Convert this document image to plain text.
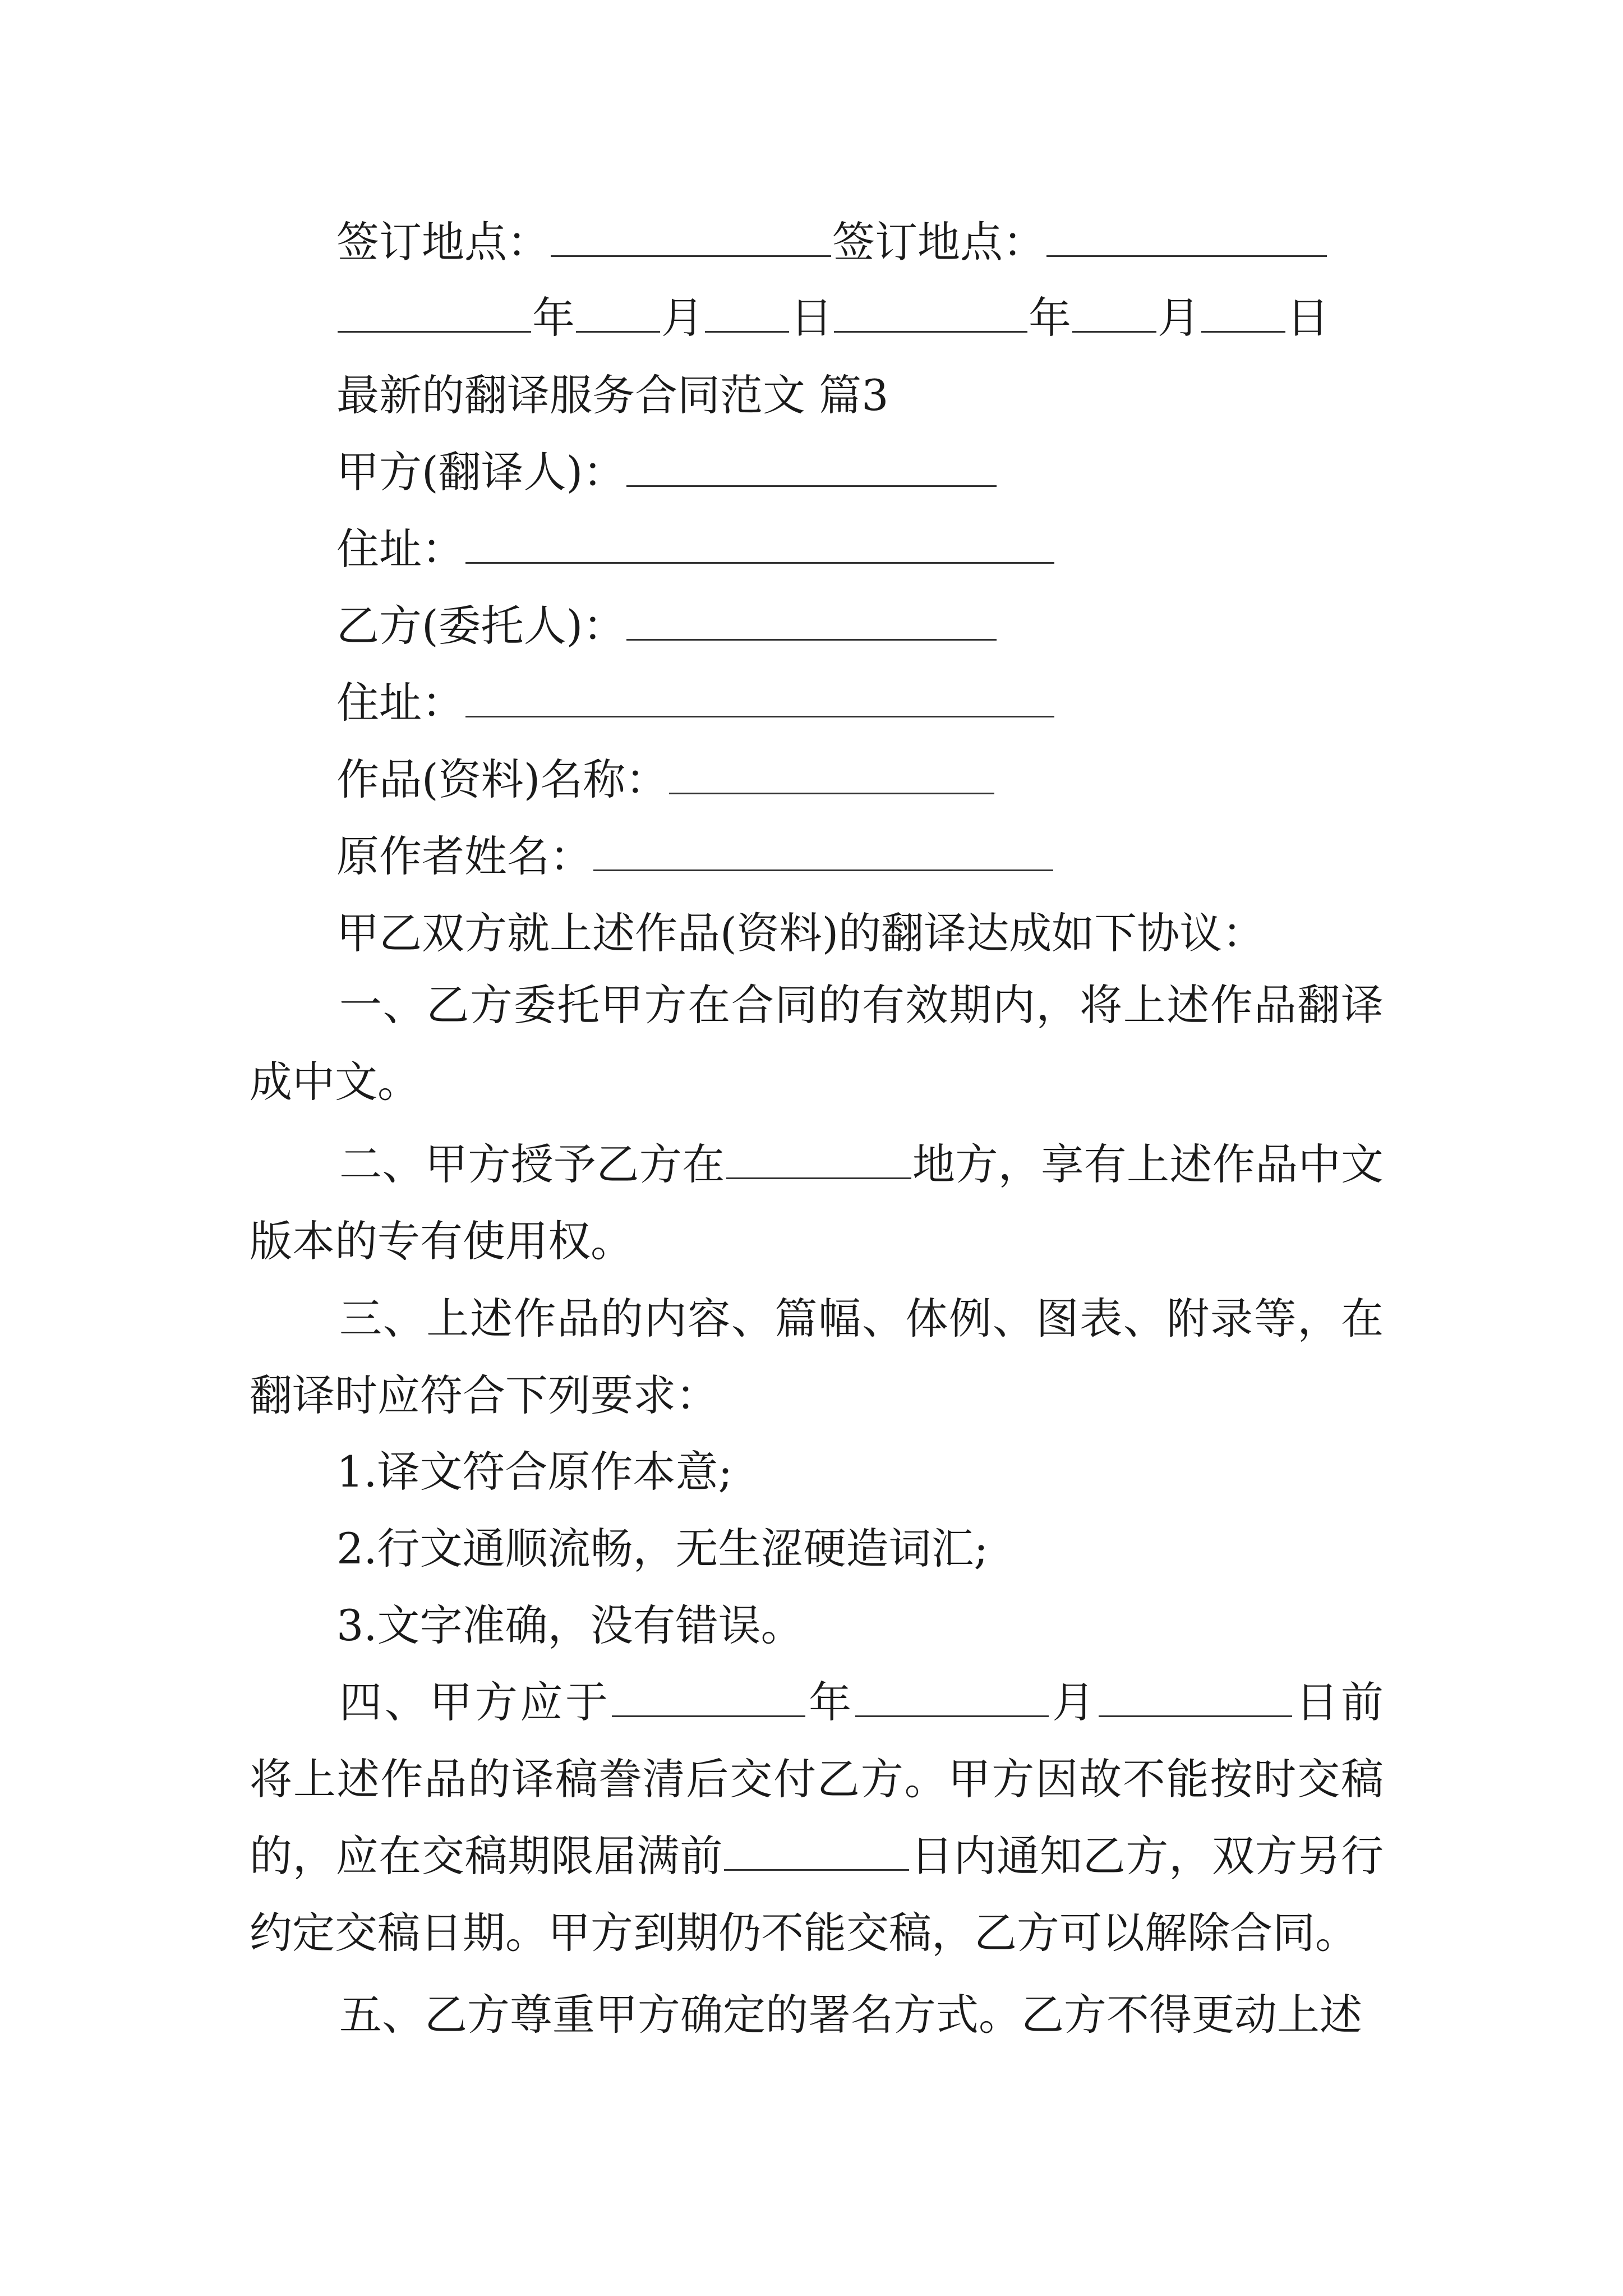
签订地点：	签订地点：
年 月 日	年 月 日
最新的翻译服务合同范文 篇3
甲方(翻译人)：
住址：
乙方(委托人)：
住址：
作品(资料)名称：
原作者姓名：
甲乙双方就上述作品(资料)的翻译达成如下协议：
一、乙方委托甲方在合同的有效期内，将上述作品翻译成中文。
二、甲方授予乙方在	地方，享有上述作品中文版本的专有使用权。
三、上述作品的内容、篇幅、体例、图表、附录等，在翻译时应符合下列要求：
1.译文符合原作本意;
2.行文通顺流畅，无生涩硬造词汇;
3.文字准确，没有错误。
四、甲方应于	年	月	日前将上述作品的译稿誊清后交付乙方。甲方因故不能按时交稿的，应在交稿期限届满前	日内通知乙方，双方另行约定交稿日期。甲方到期仍不能交稿，乙方可以解除合同。
五、乙方尊重甲方确定的署名方式。乙方不得更动上述
